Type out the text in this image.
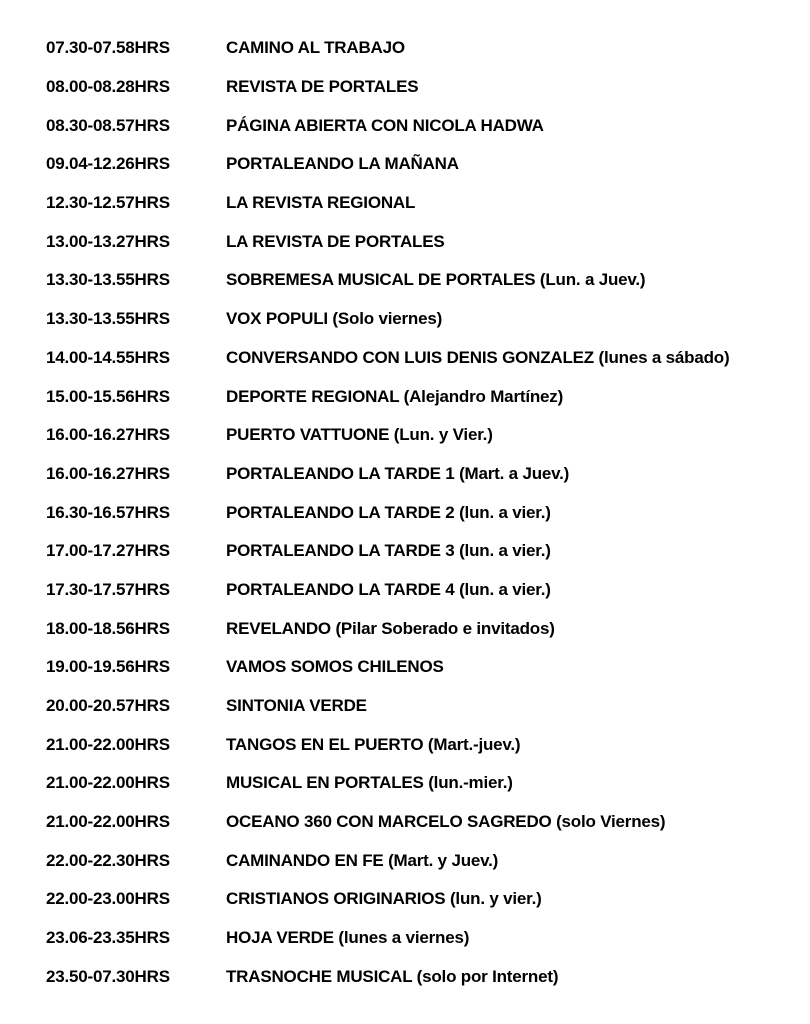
07.30-07.58HRS	CAMINO AL TRABAJO
08.00-08.28HRS	REVISTA DE PORTALES
08.30-08.57HRS	PÁGINA ABIERTA CON NICOLA HADWA
09.04-12.26HRS	PORTALEANDO LA MAÑANA
12.30-12.57HRS	LA REVISTA REGIONAL
13.00-13.27HRS	LA REVISTA DE PORTALES
13.30-13.55HRS	SOBREMESA MUSICAL DE PORTALES (Lun. a Juev.)
13.30-13.55HRS	VOX POPULI (Solo viernes)
14.00-14.55HRS	CONVERSANDO CON LUIS DENIS GONZALEZ (lunes a sábado)
15.00-15.56HRS	DEPORTE REGIONAL (Alejandro Martínez)
16.00-16.27HRS	PUERTO VATTUONE (Lun. y Vier.)
16.00-16.27HRS	PORTALEANDO LA TARDE 1 (Mart. a Juev.)
16.30-16.57HRS	PORTALEANDO LA TARDE 2 (lun. a vier.)
17.00-17.27HRS	PORTALEANDO LA TARDE 3 (lun. a vier.)
17.30-17.57HRS	PORTALEANDO LA TARDE 4 (lun. a vier.)
18.00-18.56HRS	REVELANDO (Pilar Soberado e invitados)
19.00-19.56HRS	VAMOS SOMOS CHILENOS
20.00-20.57HRS	SINTONIA VERDE
21.00-22.00HRS	TANGOS EN EL PUERTO (Mart.-juev.)
21.00-22.00HRS	MUSICAL EN PORTALES (lun.-mier.)
21.00-22.00HRS	OCEANO 360 CON MARCELO SAGREDO (solo Viernes)
22.00-22.30HRS	CAMINANDO EN FE (Mart. y Juev.)
22.00-23.00HRS	CRISTIANOS ORIGINARIOS (lun. y vier.)
23.06-23.35HRS	HOJA VERDE (lunes a viernes)
23.50-07.30HRS	TRASNOCHE MUSICAL (solo por Internet)
